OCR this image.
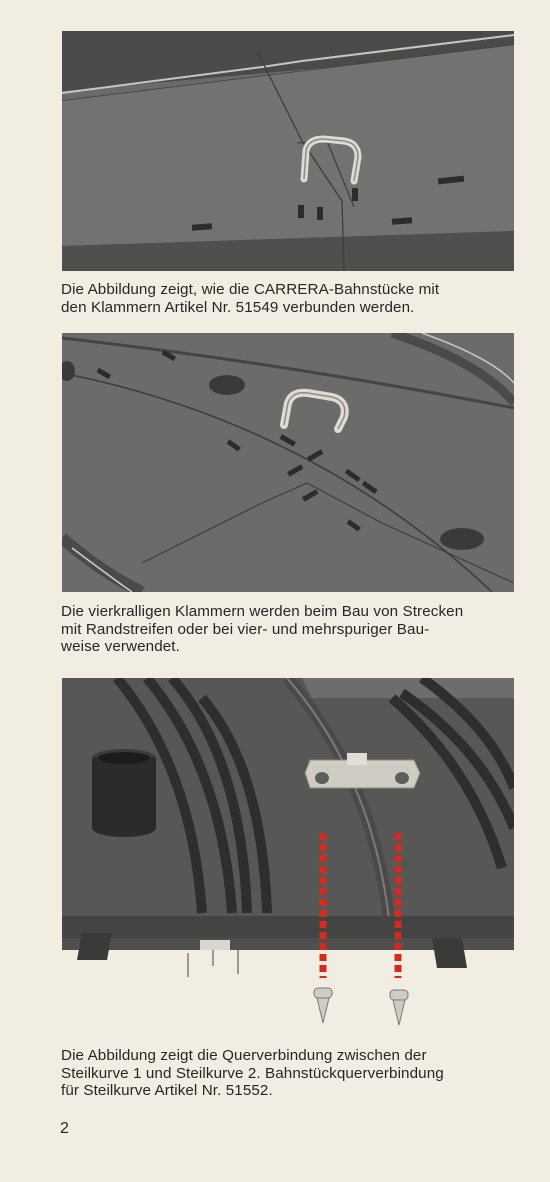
Die Abbildung zeigt, wie die CARRERA-Bahnstücke mit
den Klammern Artikel Nr. 51549 verbunden werden.
Die vierkralligen Klammern werden beim Bau von Strecken
mit Randstreifen oder bei vier- und mehrspuriger Bau-
weise verwendet.
Die Abbildung zeigt die Querverbindung zwischen der
Steilkurve 1 und Steilkurve 2. Bahnstückquerverbindung
für Steilkurve Artikel Nr. 51552.
2
